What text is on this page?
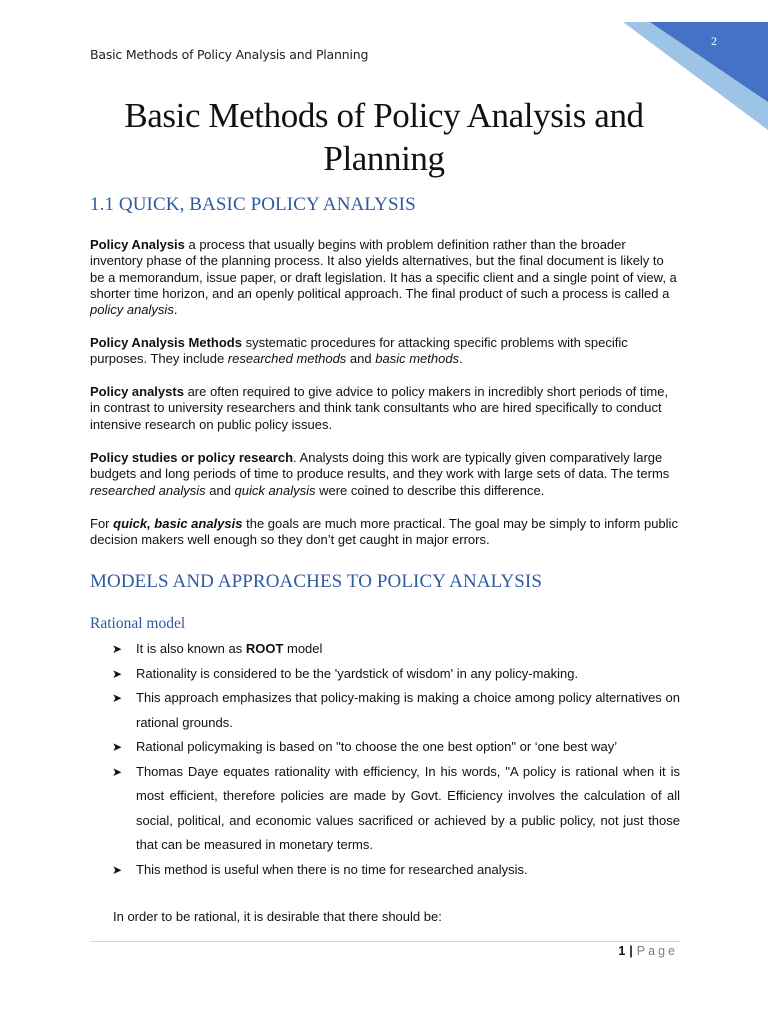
Basic Methods of Policy Analysis and Planning
2
Basic Methods of Policy Analysis and
Planning
1.1 QUICK, BASIC POLICY ANALYSIS
Policy Analysis a process that usually begins with problem definition rather than the broader inventory phase of the planning process. It also yields alternatives, but the final document is likely to be a memorandum, issue paper, or draft legislation. It has a specific client and a single point of view, a shorter time horizon, and an openly political approach. The final product of such a process is called a policy analysis.
Policy Analysis Methods systematic procedures for attacking specific problems with specific purposes. They include researched methods and basic methods.
Policy analysts are often required to give advice to policy makers in incredibly short periods of time, in contrast to university researchers and think tank consultants who are hired specifically to conduct intensive research on public policy issues.
Policy studies or policy research. Analysts doing this work are typically given comparatively large budgets and long periods of time to produce results, and they work with large sets of data. The terms researched analysis and quick analysis were coined to describe this difference.
For quick, basic analysis the goals are much more practical. The goal may be simply to inform public decision makers well enough so they don’t get caught in major errors.
MODELS AND APPROACHES TO POLICY ANALYSIS
Rational model
➤ It is also known as ROOT model
➤ Rationality is considered to be the 'yardstick of wisdom' in any policy-making.
➤ This approach emphasizes that policy-making is making a choice among policy alternatives on rational grounds.
➤ Rational policymaking is based on "to choose the one best option" or ‘one best way’
➤ Thomas Daye equates rationality with efficiency, In his words, "A policy is rational when it is most efficient, therefore policies are made by Govt. Efficiency involves the calculation of all social, political, and economic values sacrificed or achieved by a public policy, not just those that can be measured in monetary terms.
➤ This method is useful when there is no time for researched analysis.
In order to be rational, it is desirable that there should be:
1 | Page
